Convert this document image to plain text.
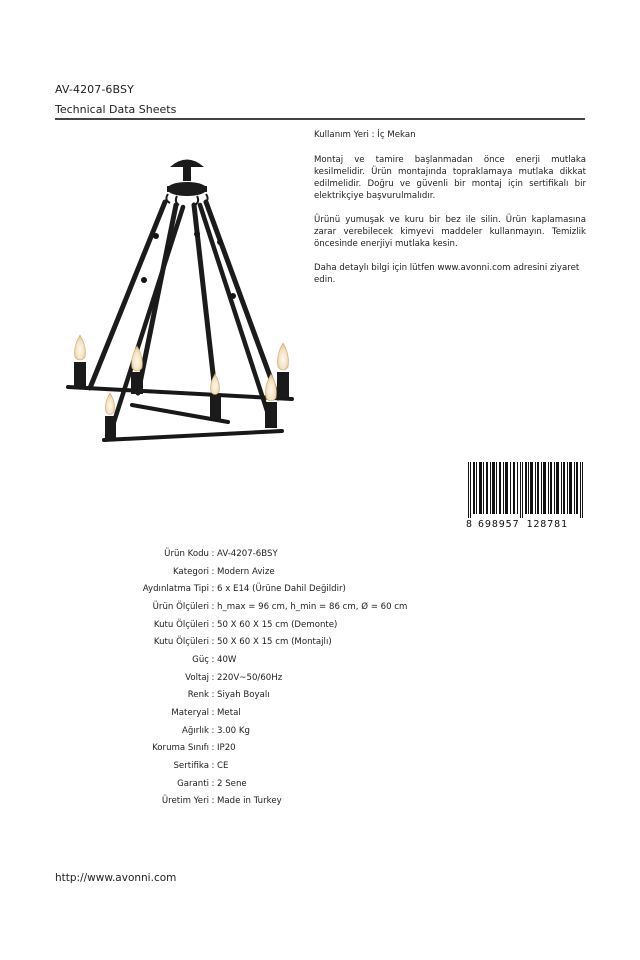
AV-4207-6BSY
Technical Data Sheets

Kullanım Yeri : İç Mekan

Montaj ve tamire başlanmadan önce enerji mutlaka kesilmelidir. Ürün montajında topraklamaya mutlaka dikkat edilmelidir. Doğru ve güvenli bir montaj için sertifikalı bir elektrikçiye başvurulmalıdır.

Ürünü yumuşak ve kuru bir bez ile silin. Ürün kaplamasına zarar verebilecek kimyevi maddeler kullanmayın. Temizlik öncesinde enerjiyi mutlaka kesin.

Daha detaylı bilgi için lütfen www.avonni.com adresini ziyaret edin.

8 698957 128781
Ürün Kodu : AV-4207-6BSY
Kategori : Modern Avize
Aydınlatma Tipi : 6 x E14 (Ürüne Dahil Değildir)
Ürün Ölçüleri : h_max = 96 cm, h_min = 86 cm, Ø = 60 cm
Kutu Ölçüleri : 50 X 60 X 15 cm (Demonte)
Kutu Ölçüleri : 50 X 60 X 15 cm (Montajlı)
Güç : 40W
Voltaj : 220V~50/60Hz
Renk : Siyah Boyalı
Materyal : Metal
Ağırlık : 3.00 Kg
Koruma Sınıfı : IP20
Sertifika : CE
Garanti : 2 Sene
Üretim Yeri : Made in Turkey
http://www.avonni.com
